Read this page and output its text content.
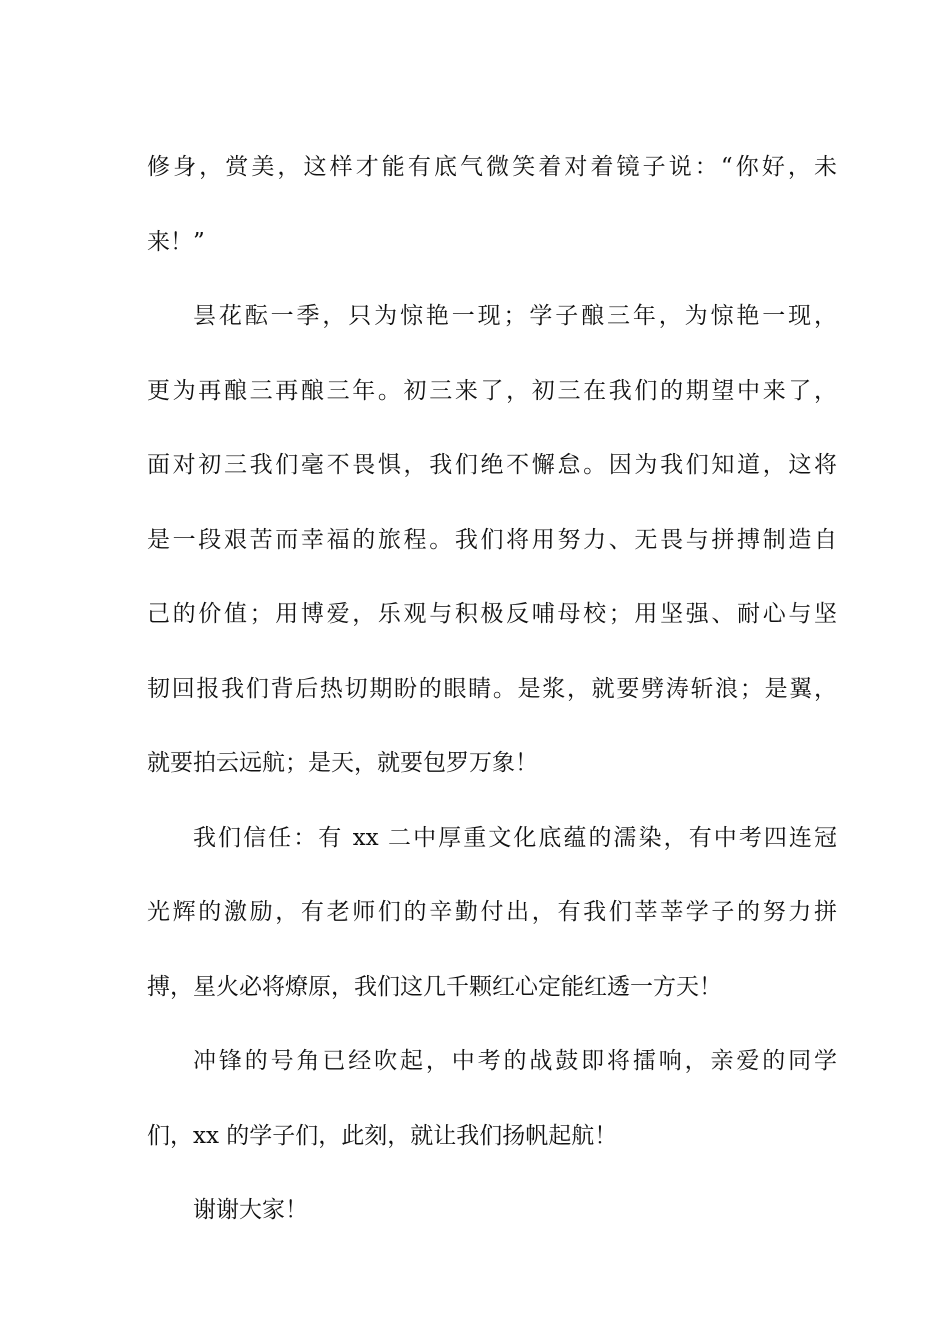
修身，赏美，这样才能有底气微笑着对着镜子说：“你好，未
来！”
昙花酝一季，只为惊艳一现；学子酿三年，为惊艳一现，
更为再酿三再酿三年。初三来了，初三在我们的期望中来了，
面对初三我们毫不畏惧，我们绝不懈怠。因为我们知道，这将
是一段艰苦而幸福的旅程。我们将用努力、无畏与拼搏制造自
己的价值；用博爱，乐观与积极反哺母校；用坚强、耐心与坚
韧回报我们背后热切期盼的眼睛。是浆，就要劈涛斩浪；是翼，
就要拍云远航；是天，就要包罗万象！
我们信任：有 xx 二中厚重文化底蕴的濡染，有中考四连冠
光辉的激励，有老师们的辛勤付出，有我们莘莘学子的努力拼
搏，星火必将燎原，我们这几千颗红心定能红透一方天！
冲锋的号角已经吹起，中考的战鼓即将擂响，亲爱的同学
们，xx 的学子们，此刻，就让我们扬帆起航！
谢谢大家！
